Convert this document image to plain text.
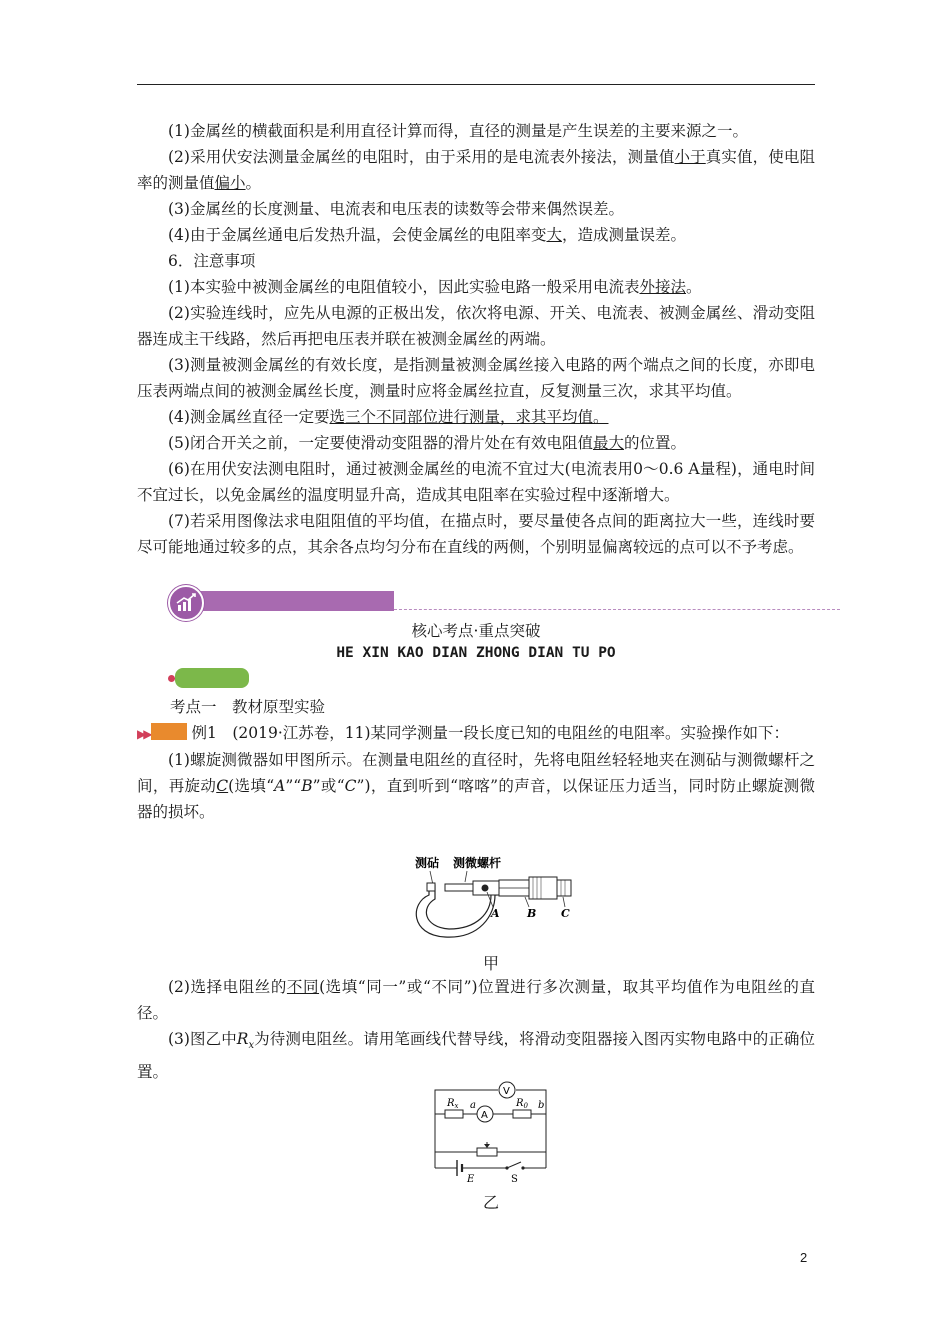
(1)金属丝的横截面积是利用直径计算而得，直径的测量是产生误差的主要来源之一。

(2)采用伏安法测量金属丝的电阻时，由于采用的是电流表外接法，测量值小于真实值，使电阻率的测量值偏小。

(3)金属丝的长度测量、电流表和电压表的读数等会带来偶然误差。

(4)由于金属丝通电后发热升温，会使金属丝的电阻率变大，造成测量误差。

6．注意事项

(1)本实验中被测金属丝的电阻值较小，因此实验电路一般采用电流表外接法。

(2)实验连线时，应先从电源的正极出发，依次将电源、开关、电流表、被测金属丝、滑动变阻器连成主干线路，然后再把电压表并联在被测金属丝的两端。

(3)测量被测金属丝的有效长度，是指测量被测金属丝接入电路的两个端点之间的长度，亦即电压表两端点间的被测金属丝长度，测量时应将金属丝拉直，反复测量三次，求其平均值。

(4)测金属丝直径一定要选三个不同部位进行测量，求其平均值。

(5)闭合开关之前，一定要使滑动变阻器的滑片处在有效电阻值最大的位置。

(6)在用伏安法测电阻时，通过被测金属丝的电流不宜过大(电流表用0～0.6 A量程)，通电时间不宜过长，以免金属丝的温度明显升高，造成其电阻率在实验过程中逐渐增大。

(7)若采用图像法求电阻阻值的平均值，在描点时，要尽量使各点间的距离拉大一些，连线时要尽可能地通过较多的点，其余各点均匀分布在直线的两侧，个别明显偏离较远的点可以不予考虑。

核心考点·重点突破
HE XIN KAO DIAN ZHONG DIAN TU PO

考点一　教材原型实验

▶▶	例1　(2019·江苏卷，11)某同学测量一段长度已知的电阻丝的电阻率。实验操作如下：

(1)螺旋测微器如甲图所示。在测量电阻丝的直径时，先将电阻丝轻轻地夹在测砧与测微螺杆之间，再旋动C(选填“A”“B”或“C”)，直到听到“喀喀”的声音，以保证压力适当，同时防止螺旋测微器的损坏。

测砧 测微螺杆
A B C
甲

(2)选择电阻丝的不同(选填“同一”或“不同”)位置进行多次测量，取其平均值作为电阻丝的直径。

(3)图乙中$R_x$为待测电阻丝。请用笔画线代替导线，将滑动变阻器接入图丙实物电路中的正确位置。

V
A
$R_x$ a	$R_0$ b
E	S
乙
2
